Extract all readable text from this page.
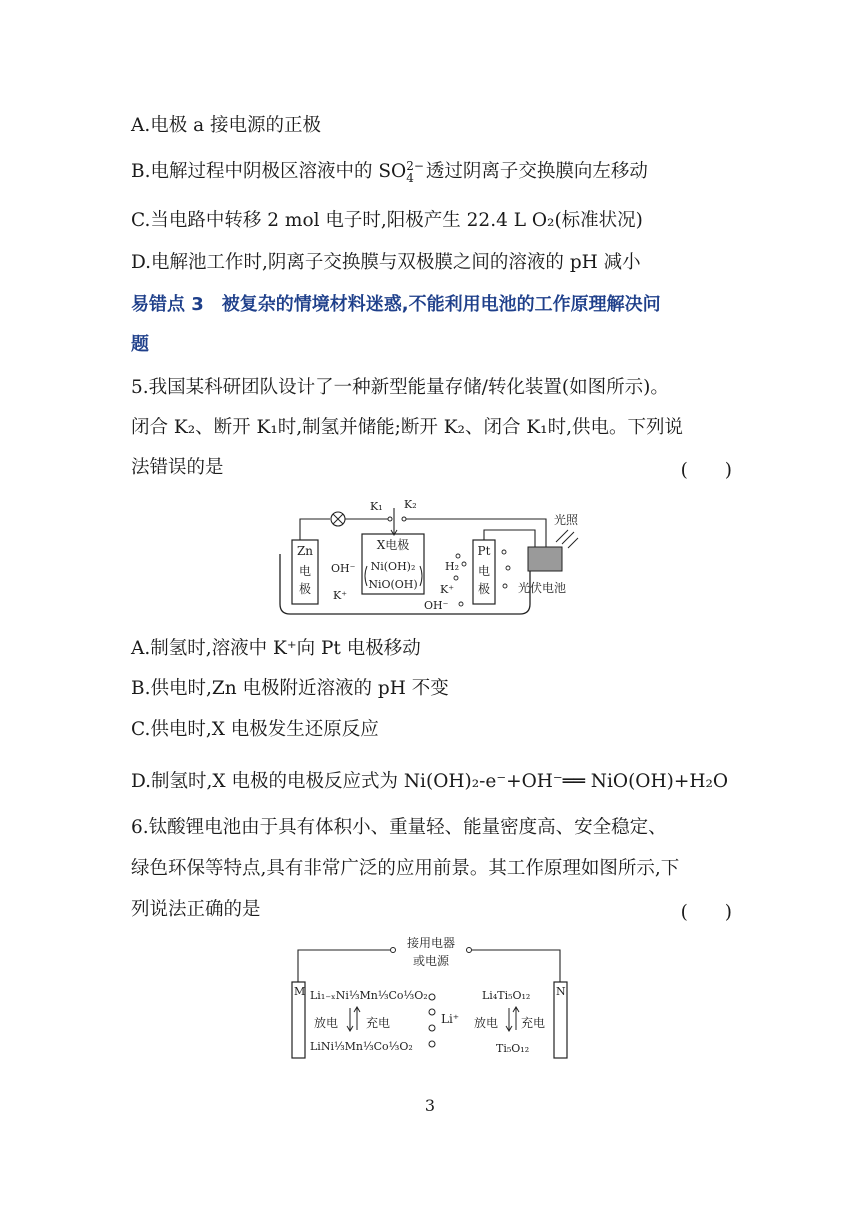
A.电极 a 接电源的正极
B.电解过程中阴极区溶液中的 SO 2−
4 透过阴离子交换膜向左移动
C.当电路中转移 2 mol 电子时,阳极产生 22.4 L O₂(标准状况)
D.电解池工作时,阴离子交换膜与双极膜之间的溶液的 pH 减小
易错点 3　被复杂的情境材料迷惑,不能利用电池的工作原理解决问
题
5.我国某科研团队设计了一种新型能量存储/转化装置(如图所示)。
闭合 K₂、断开 K₁时,制氢并储能;断开 K₂、闭合 K₁时,供电。下列说
法错误的是	(　　)
Zn
电
极
X电极
Ni(OH)₂
NiO(OH)
OH⁻
K⁺
Pt
电
极
H₂
K⁺
OH⁻
K₁ K₂
光伏电池
光照
A.制氢时,溶液中 K⁺向 Pt 电极移动
B.供电时,Zn 电极附近溶液的 pH 不变
C.供电时,X 电极发生还原反应
D.制氢时,X 电极的电极反应式为 Ni(OH)₂-e⁻+OH⁻══ NiO(OH)+H₂O
6.钛酸锂电池由于具有体积小、重量轻、能量密度高、安全稳定、
绿色环保等特点,具有非常广泛的应用前景。其工作原理如图所示,下
列说法正确的是	(　　)
接用电器
或电源
M	N
Li₁₋ₓNi⅓Mn⅓Co⅓O₂
放电 充电
LiNi⅓Mn⅓Co⅓O₂
Li⁺
Li₄Ti₅O₁₂
放电 充电
Ti₅O₁₂
3
